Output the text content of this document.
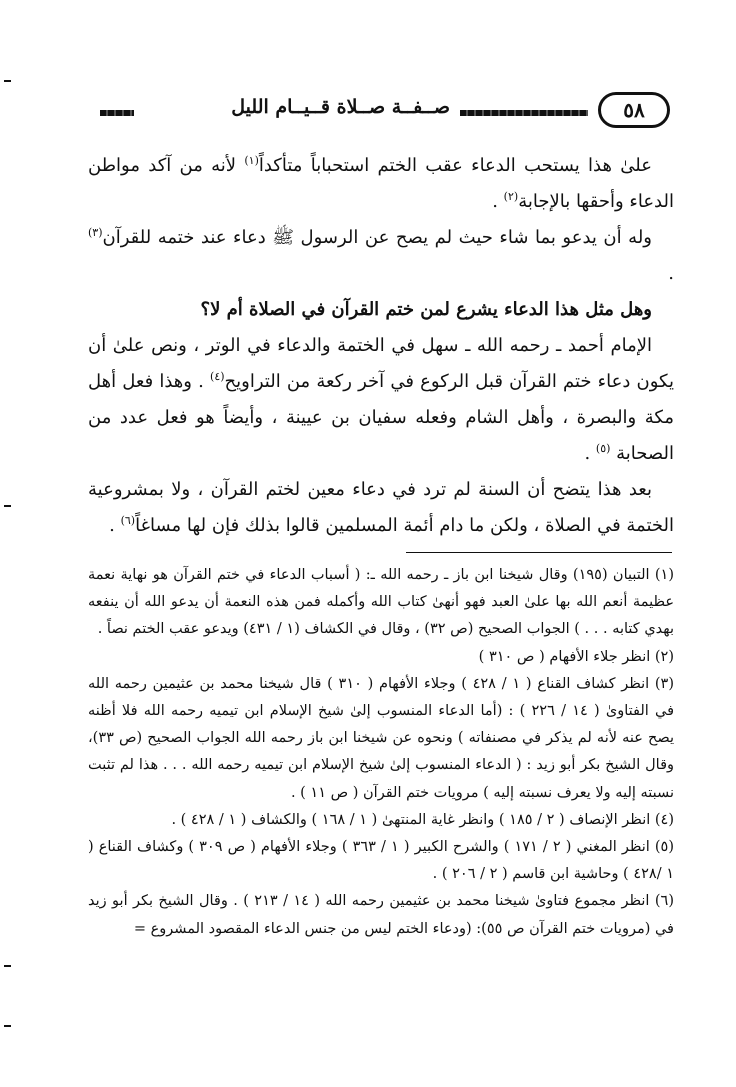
٥٨
صــفــة صــلاة قــيــام الليل

علىٰ هذا يستحب الدعاء عقب الختم استحباباً متأكداً$^{(١)}$ لأنه من آكد مواطن الدعاء وأحقها بالإجابة$^{(٢)}$ .

وله أن يدعو بما شاء حيث لم يصح عن الرسول ﷺ دعاء عند ختمه للقرآن$^{(٣)}$ .

وهل مثل هذا الدعاء يشرع لمن ختم القرآن في الصلاة أم لا؟

الإمام أحمد ـ رحمه الله ـ سهل في الختمة والدعاء في الوتر ، ونص علىٰ أن يكون دعاء ختم القرآن قبل الركوع في آخر ركعة من التراويح$^{(٤)}$ . وهذا فعل أهل مكة والبصرة ، وأهل الشام وفعله سفيان بن عيينة ، وأيضاً هو فعل عدد من الصحابة $^{(٥)}$ .

بعد هذا يتضح أن السنة لم ترد في دعاء معين لختم القرآن ، ولا بمشروعية الختمة في الصلاة ، ولكن ما دام أئمة المسلمين قالوا بذلك فإن لها مساغاً$^{(٦)}$ .

(١) التبيان (١٩٥) وقال شيخنا ابن باز ـ رحمه الله ـ: ( أسباب الدعاء في ختم القرآن هو نهاية نعمة عظيمة أنعم الله بها علىٰ العبد فهو أنهىٰ كتاب الله وأكمله فمن هذه النعمة أن يدعو الله أن ينفعه بهدي كتابه . . . ) الجواب الصحيح (ص ٣٢) ، وقال في الكشاف (١ / ٤٣١) ويدعو عقب الختم نصاً .

(٢) انظر جلاء الأفهام ( ص ٣١٠ )

(٣) انظر كشاف القناع ( ١ / ٤٢٨ ) وجلاء الأفهام ( ٣١٠ ) قال شيخنا محمد بن عثيمين رحمه الله في الفتاوىٰ ( ١٤ / ٢٢٦ ) : (أما الدعاء المنسوب إلىٰ شيخ الإسلام ابن تيميه رحمه الله فلا أظنه يصح عنه لأنه لم يذكر في مصنفاته ) ونحوه عن شيخنا ابن باز رحمه الله الجواب الصحيح (ص ٣٣)، وقال الشيخ بكر أبو زيد : ( الدعاء المنسوب إلىٰ شيخ الإسلام ابن تيميه رحمه الله . . . هذا لم تثبت نسبته إليه ولا يعرف نسبته إليه ) مرويات ختم القرآن ( ص ١١ ) .

(٤) انظر الإنصاف ( ٢ / ١٨٥ ) وانظر غاية المنتهىٰ ( ١ / ١٦٨ ) والكشاف ( ١ / ٤٢٨ ) .

(٥) انظر المغني ( ٢ / ١٧١ ) والشرح الكبير ( ١ / ٣٦٣ ) وجلاء الأفهام ( ص ٣٠٩ ) وكشاف القناع ( ١ /٤٢٨ ) وحاشية ابن قاسم ( ٢ / ٢٠٦ ) .

(٦) انظر مجموع فتاوىٰ شيخنا محمد بن عثيمين رحمه الله ( ١٤ / ٢١٣ ) . وقال الشيخ بكر أبو زيد في (مرويات ختم القرآن ص ٥٥): (ودعاء الختم ليس من جنس الدعاء المقصود المشروع =
